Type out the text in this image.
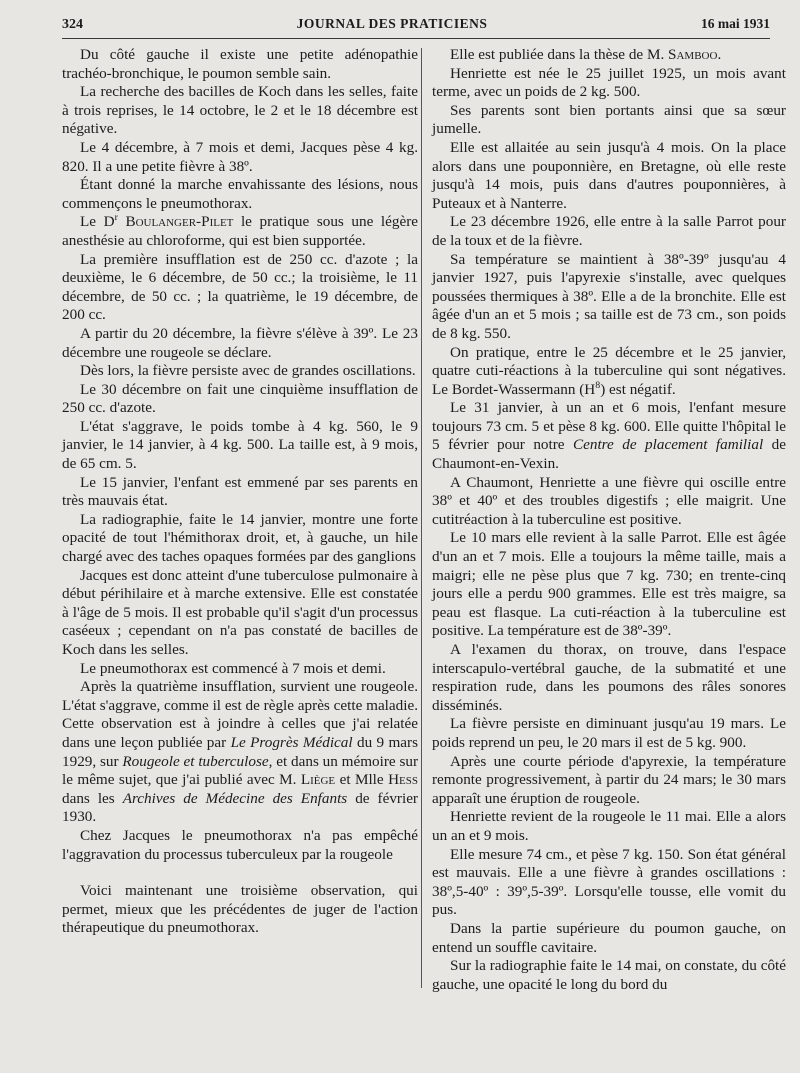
324	JOURNAL DES PRATICIENS	16 mai 1931

Du côté gauche il existe une petite adénopathie trachéo-bronchique, le poumon semble sain.

La recherche des bacilles de Koch dans les selles, faite à trois reprises, le 14 octobre, le 2 et le 18 décembre est négative.

Le 4 décembre, à 7 mois et demi, Jacques pèse 4 kg. 820. Il a une petite fièvre à 38º.

Étant donné la marche envahissante des lésions, nous commençons le pneumothorax.

Le $D^r$ Boulanger-Pilet le pratique sous une légère anesthésie au chloroforme, qui est bien supportée.

La première insufflation est de 250 cc. d'azote ; la deuxième, le 6 décembre, de 50 cc.; la troisième, le 11 décembre, de 50 cc. ; la quatrième, le 19 décembre, de 200 cc.

A partir du 20 décembre, la fièvre s'élève à 39º. Le 23 décembre une rougeole se déclare.

Dès lors, la fièvre persiste avec de grandes oscillations.

Le 30 décembre on fait une cinquième insufflation de 250 cc. d'azote.

L'état s'aggrave, le poids tombe à 4 kg. 560, le 9 janvier, le 14 janvier, à 4 kg. 500. La taille est, à 9 mois, de 65 cm. 5.

Le 15 janvier, l'enfant est emmené par ses parents en très mauvais état.

La radiographie, faite le 14 janvier, montre une forte opacité de tout l'hémithorax droit, et, à gauche, un hile chargé avec des taches opaques formées par des ganglions

Jacques est donc atteint d'une tuberculose pulmonaire à début périhilaire et à marche extensive. Elle est constatée à l'âge de 5 mois. Il est probable qu'il s'agit d'un processus caséeux ; cependant on n'a pas constaté de bacilles de Koch dans les selles.

Le pneumothorax est commencé à 7 mois et demi.

Après la quatrième insufflation, survient une rougeole. L'état s'aggrave, comme il est de règle après cette maladie. Cette observation est à joindre à celles que j'ai relatée dans une leçon publiée par Le Progrès Médical du 9 mars 1929, sur Rougeole et tuberculose, et dans un mémoire sur le même sujet, que j'ai publié avec M. Liège et Mlle Hess dans les Archives de Médecine des Enfants de février 1930.

Chez Jacques le pneumothorax n'a pas empêché l'aggravation du processus tuberculeux par la rougeole

Voici maintenant une troisième observation, qui permet, mieux que les précédentes de juger de l'action thérapeutique du pneumothorax.

Elle est publiée dans la thèse de M. Samboo.

Henriette est née le 25 juillet 1925, un mois avant terme, avec un poids de 2 kg. 500.

Ses parents sont bien portants ainsi que sa sœur jumelle.

Elle est allaitée au sein jusqu'à 4 mois. On la place alors dans une pouponnière, en Bretagne, où elle reste jusqu'à 14 mois, puis dans d'autres pouponnières, à Puteaux et à Nanterre.

Le 23 décembre 1926, elle entre à la salle Parrot pour de la toux et de la fièvre.

Sa température se maintient à 38º-39º jusqu'au 4 janvier 1927, puis l'apyrexie s'installe, avec quelques poussées thermiques à 38º. Elle a de la bronchite. Elle est âgée d'un an et 5 mois ; sa taille est de 73 cm., son poids de 8 kg. 550.

On pratique, entre le 25 décembre et le 25 janvier, quatre cuti-réactions à la tuberculine qui sont négatives. Le Bordet-Wassermann $(H^8)$ est négatif.

Le 31 janvier, à un an et 6 mois, l'enfant mesure toujours 73 cm. 5 et pèse 8 kg. 600. Elle quitte l'hôpital le 5 février pour notre Centre de placement familial de Chaumont-en-Vexin.

A Chaumont, Henriette a une fièvre qui oscille entre 38º et 40º et des troubles digestifs ; elle maigrit. Une cutitréaction à la tuberculine est positive.

Le 10 mars elle revient à la salle Parrot. Elle est âgée d'un an et 7 mois. Elle a toujours la même taille, mais a maigri; elle ne pèse plus que 7 kg. 730; en trente-cinq jours elle a perdu 900 grammes. Elle est très maigre, sa peau est flasque. La cuti-réaction à la tuberculine est positive. La température est de 38º-39º.

A l'examen du thorax, on trouve, dans l'espace interscapulo-vertébral gauche, de la submatité et une respiration rude, dans les poumons des râles sonores disséminés.

La fièvre persiste en diminuant jusqu'au 19 mars. Le poids reprend un peu, le 20 mars il est de 5 kg. 900.

Après une courte période d'apyrexie, la température remonte progressivement, à partir du 24 mars; le 30 mars apparaît une éruption de rougeole.

Henriette revient de la rougeole le 11 mai. Elle a alors un an et 9 mois.

Elle mesure 74 cm., et pèse 7 kg. 150. Son état général est mauvais. Elle a une fièvre à grandes oscillations : 38º,5-40º : 39º,5-39º. Lorsqu'elle tousse, elle vomit du pus.

Dans la partie supérieure du poumon gauche, on entend un souffle cavitaire.

Sur la radiographie faite le 14 mai, on constate, du côté gauche, une opacité le long du bord du
